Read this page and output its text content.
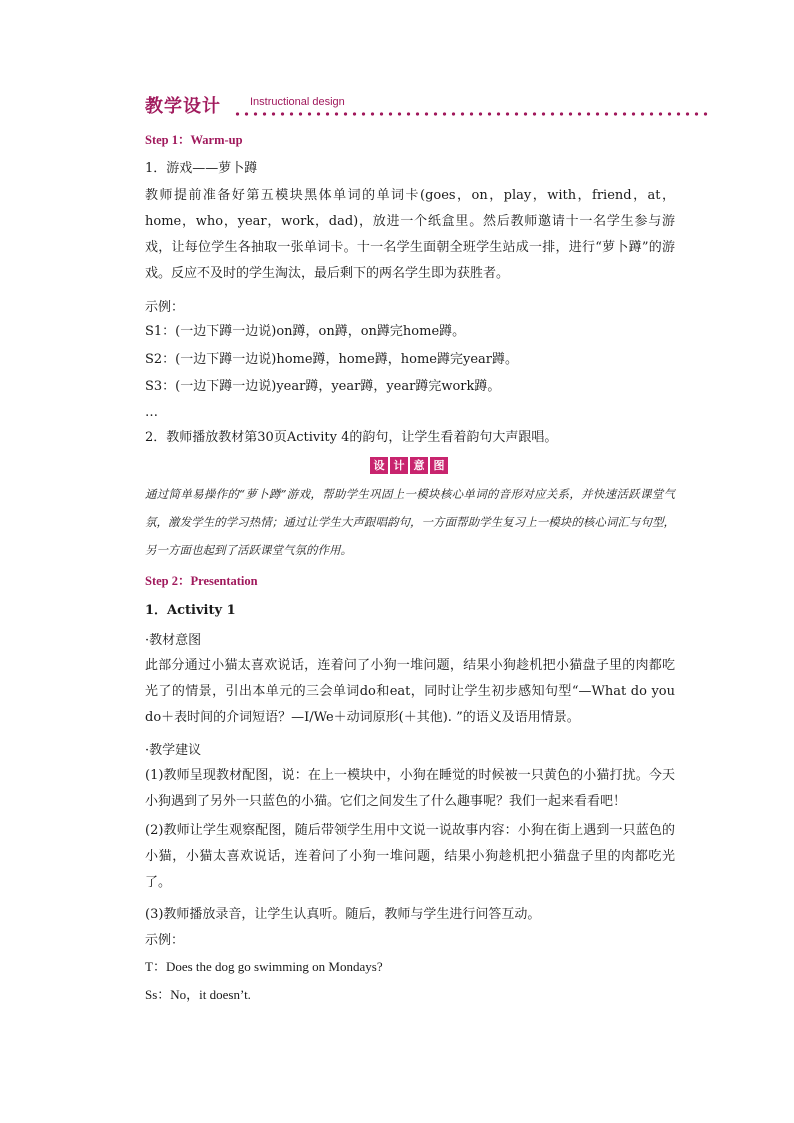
教学设计	Instructional design
Step 1：Warm-up
1．游戏——萝卜蹲
教师提前准备好第五模块黑体单词的单词卡(goes，on，play，with，friend，at，home，who，year，work，dad)，放进一个纸盒里。然后教师邀请十一名学生参与游戏，让每位学生各抽取一张单词卡。十一名学生面朝全班学生站成一排，进行“萝卜蹲”的游戏。反应不及时的学生淘汰，最后剩下的两名学生即为获胜者。
示例：
S1：(一边下蹲一边说)on蹲，on蹲，on蹲完home蹲。
S2：(一边下蹲一边说)home蹲，home蹲，home蹲完year蹲。
S3：(一边下蹲一边说)year蹲，year蹲，year蹲完work蹲。
…
2．教师播放教材第30页Activity 4的韵句，让学生看着韵句大声跟唱。
设 计 意 图
通过简单易操作的“萝卜蹲”游戏，帮助学生巩固上一模块核心单词的音形对应关系，并快速活跃课堂气氛，激发学生的学习热情；通过让学生大声跟唱韵句，一方面帮助学生复习上一模块的核心词汇与句型，另一方面也起到了活跃课堂气氛的作用。
Step 2：Presentation
1．Activity 1
·教材意图
此部分通过小猫太喜欢说话，连着问了小狗一堆问题，结果小狗趁机把小猫盘子里的肉都吃光了的情景，引出本单元的三会单词do和eat，同时让学生初步感知句型“—What do you do＋表时间的介词短语？—I/We＋动词原形(＋其他). ”的语义及语用情景。
·教学建议
(1)教师呈现教材配图，说：在上一模块中，小狗在睡觉的时候被一只黄色的小猫打扰。今天小狗遇到了另外一只蓝色的小猫。它们之间发生了什么趣事呢？我们一起来看看吧！
(2)教师让学生观察配图，随后带领学生用中文说一说故事内容：小狗在街上遇到一只蓝色的小猫，小猫太喜欢说话，连着问了小狗一堆问题，结果小狗趁机把小猫盘子里的肉都吃光了。
(3)教师播放录音，让学生认真听。随后，教师与学生进行问答互动。
示例：
T：Does the dog go swimming on Mondays?
Ss：No，it doesn’t.
